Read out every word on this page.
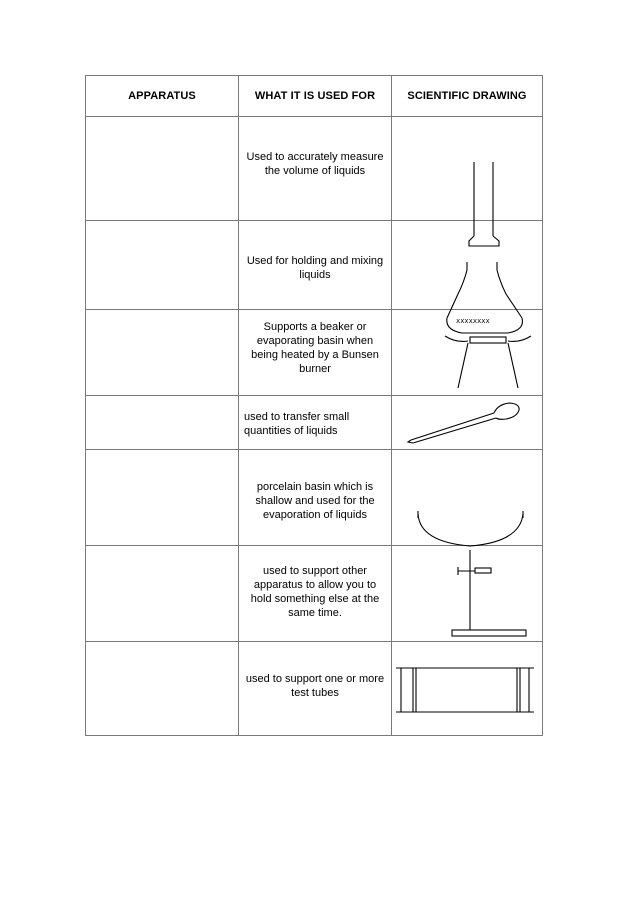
APPARATUS	WHAT IT IS USED FOR	SCIENTIFIC DRAWING

	Used to accurately measure the volume of liquids	

	Used for holding and mixing liquids	

	Supports a beaker or evaporating basin when being heated by a Bunsen burner	

	used to transfer small quantities of liquids	

	porcelain basin which is shallow and used for the evaporation of liquids	

	used to support other apparatus to allow you to hold something else at the same time.	

	used to support one or more test tubes	

xxxxxxxx
